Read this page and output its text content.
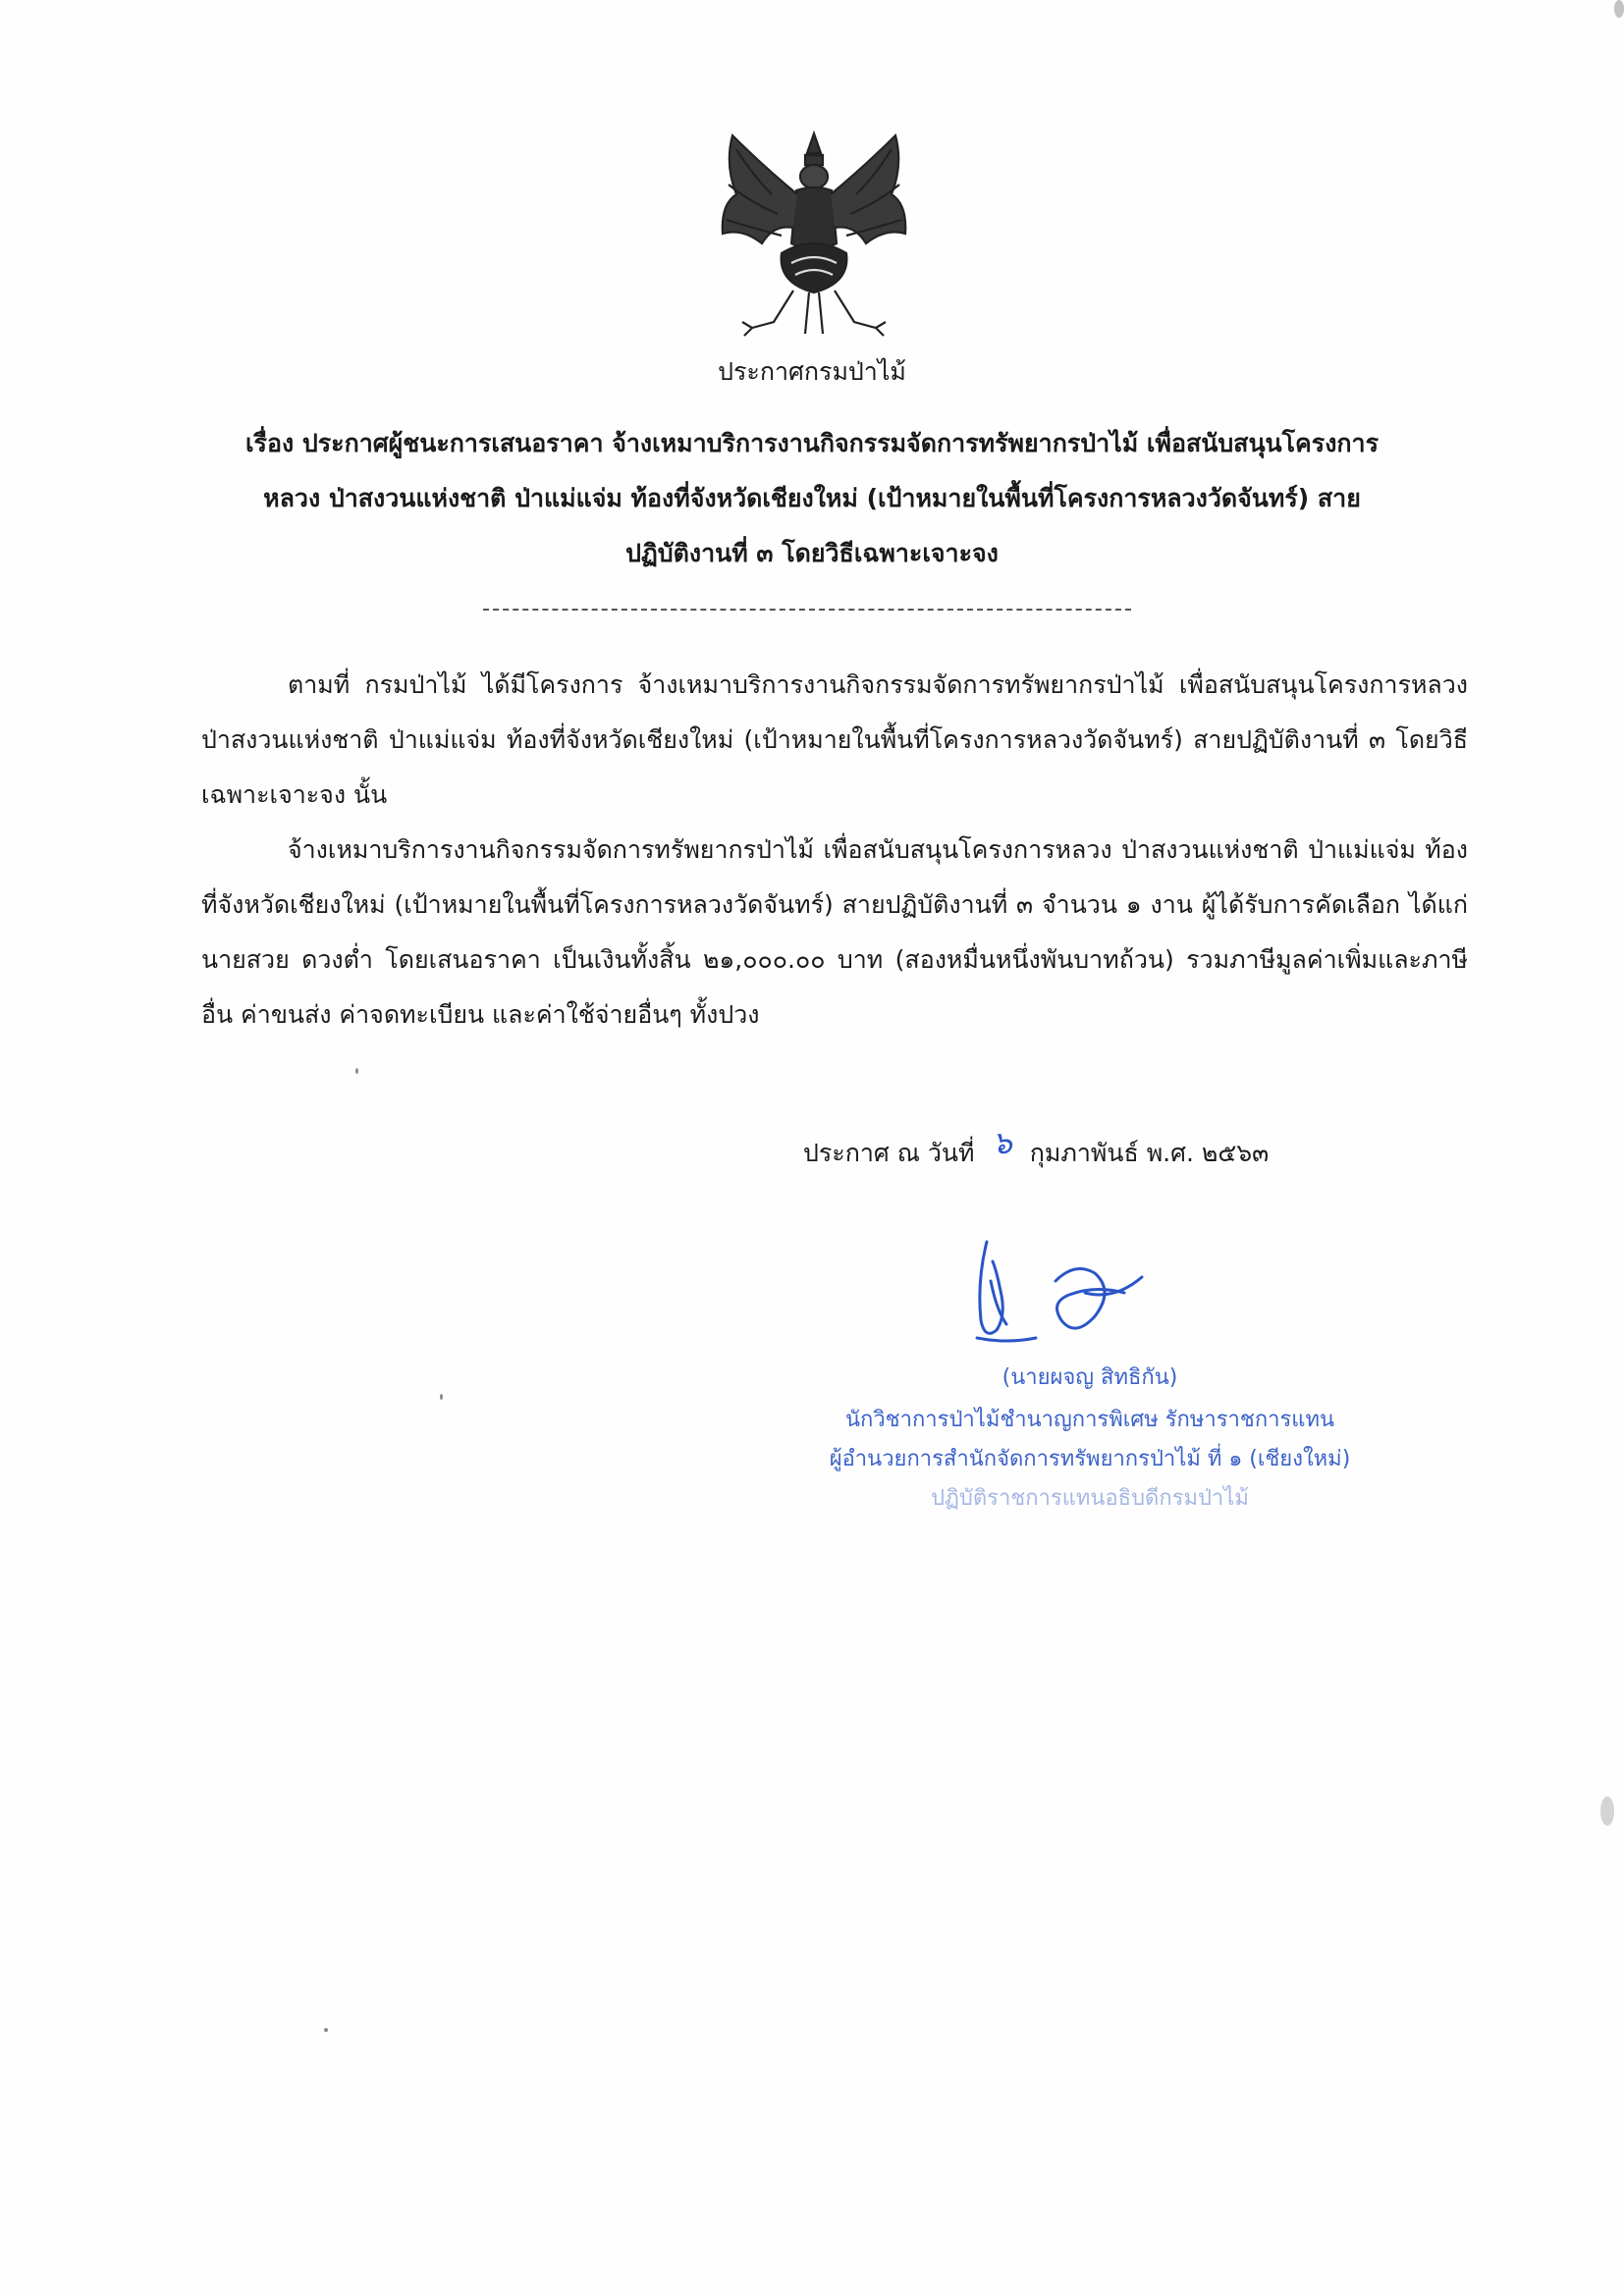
ประกาศกรมป่าไม้
เรื่อง ประกาศผู้ชนะการเสนอราคา จ้างเหมาบริการงานกิจกรรมจัดการทรัพยากรป่าไม้ เพื่อสนับสนุนโครงการ
หลวง ป่าสงวนแห่งชาติ ป่าแม่แจ่ม ท้องที่จังหวัดเชียงใหม่ (เป้าหมายในพื้นที่โครงการหลวงวัดจันทร์) สาย
ปฏิบัติงานที่ ๓ โดยวิธีเฉพาะเจาะจง
ตามที่ กรมป่าไม้ ได้มีโครงการ จ้างเหมาบริการงานกิจกรรมจัดการทรัพยากรป่าไม้ เพื่อสนับสนุนโครงการหลวง ป่าสงวนแห่งชาติ ป่าแม่แจ่ม ท้องที่จังหวัดเชียงใหม่ (เป้าหมายในพื้นที่โครงการหลวงวัดจันทร์) สายปฏิบัติงานที่ ๓ โดยวิธีเฉพาะเจาะจง นั้น
จ้างเหมาบริการงานกิจกรรมจัดการทรัพยากรป่าไม้ เพื่อสนับสนุนโครงการหลวง ป่าสงวนแห่งชาติ ป่าแม่แจ่ม ท้องที่จังหวัดเชียงใหม่ (เป้าหมายในพื้นที่โครงการหลวงวัดจันทร์) สายปฏิบัติงานที่ ๓ จำนวน ๑ งาน ผู้ได้รับการคัดเลือก ได้แก่ นายสวย ดวงต่ำ โดยเสนอราคา เป็นเงินทั้งสิ้น ๒๑,๐๐๐.๐๐ บาท (สองหมื่นหนึ่งพันบาทถ้วน) รวมภาษีมูลค่าเพิ่มและภาษีอื่น ค่าขนส่ง ค่าจดทะเบียน และค่าใช้จ่ายอื่นๆ ทั้งปวง
ประกาศ ณ วันที่ ๖ กุมภาพันธ์ พ.ศ. ๒๕๖๓
(นายผจญ สิทธิกัน)
นักวิชาการป่าไม้ชำนาญการพิเศษ รักษาราชการแทน
ผู้อำนวยการสำนักจัดการทรัพยากรป่าไม้ ที่ ๑ (เชียงใหม่)
ปฏิบัติราชการแทนอธิบดีกรมป่าไม้
